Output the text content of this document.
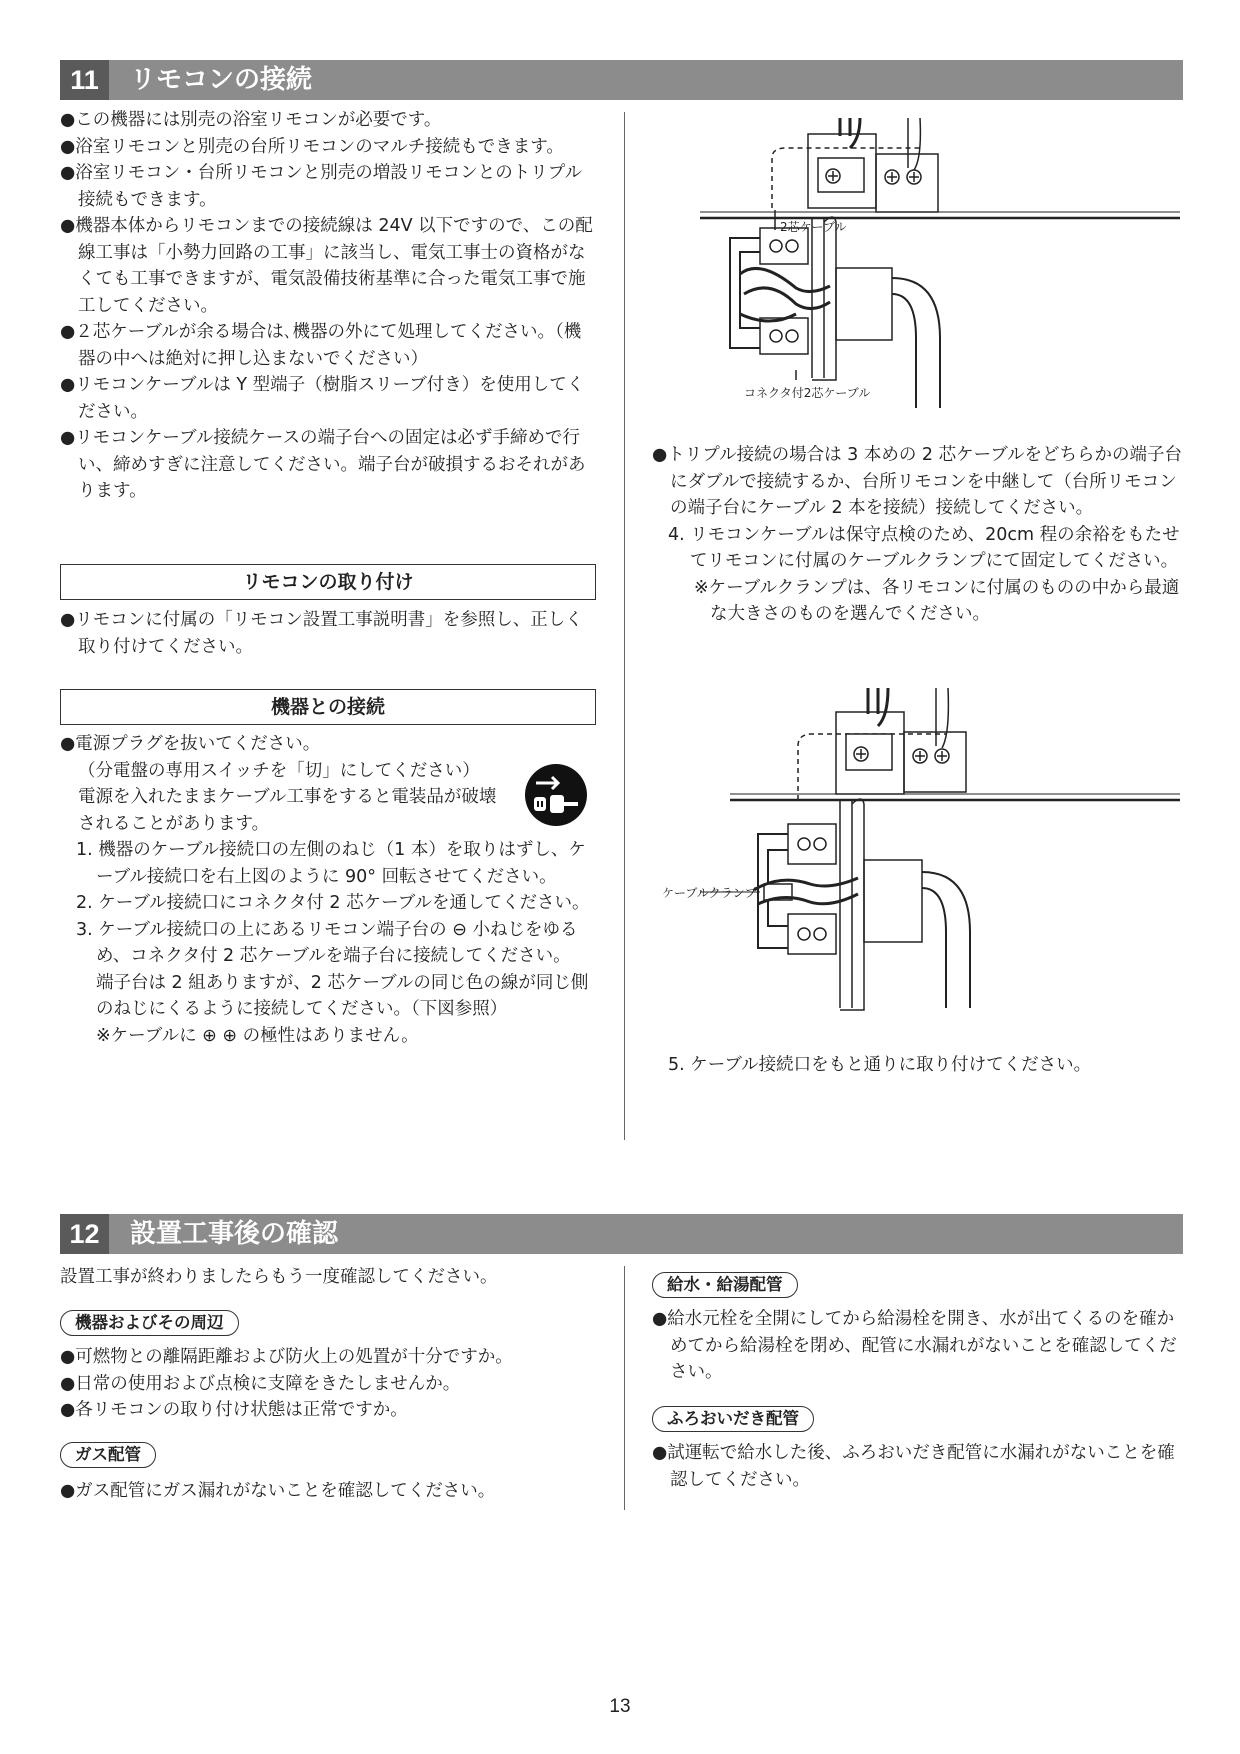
11	リモコンの接続

●この機器には別売の浴室リモコンが必要です。

●浴室リモコンと別売の台所リモコンのマルチ接続もできます。

●浴室リモコン・台所リモコンと別売の増設リモコンとのトリプル接続もできます。

●機器本体からリモコンまでの接続線は 24V 以下ですので、この配線工事は「小勢力回路の工事」に該当し、電気工事士の資格がなくても工事できますが、電気設備技術基準に合った電気工事で施工してください。

●２芯ケーブルが余る場合は､機器の外にて処理してください。（機器の中へは絶対に押し込まないでください）

●リモコンケーブルは Y 型端子（樹脂スリーブ付き）を使用してください。

●リモコンケーブル接続ケースの端子台への固定は必ず手締めで行い、締めすぎに注意してください。端子台が破損するおそれがあります。

リモコンの取り付け

●リモコンに付属の「リモコン設置工事説明書」を参照し、正しく取り付けてください。

機器との接続

●電源プラグを抜いてください。

（分電盤の専用スイッチを「切」にしてください）

電源を入れたままケーブル工事をすると電装品が破壊されることがあります。

1. 機器のケーブル接続口の左側のねじ（1 本）を取りはずし、ケーブル接続口を右上図のように 90° 回転させてください。

2. ケーブル接続口にコネクタ付 2 芯ケーブルを通してください。

3. ケーブル接続口の上にあるリモコン端子台の ⊖ 小ねじをゆるめ、コネクタ付 2 芯ケーブルを端子台に接続してください。

端子台は 2 組ありますが、2 芯ケーブルの同じ色の線が同じ側のねじにくるように接続してください。（下図参照）

※ケーブルに ⊕ ⊕ の極性はありません。

2芯ケーブル
コネクタ付2芯ケーブル

●トリプル接続の場合は 3 本めの 2 芯ケーブルをどちらかの端子台にダブルで接続するか、台所リモコンを中継して（台所リモコンの端子台にケーブル 2 本を接続）接続してください。

4. リモコンケーブルは保守点検のため、20cm 程の余裕をもたせてリモコンに付属のケーブルクランプにて固定してください。

※ケーブルクランプは、各リモコンに付属のものの中から最適な大きさのものを選んでください。

ケーブルクランプ

5. ケーブル接続口をもと通りに取り付けてください。

12	設置工事後の確認
設置工事が終わりましたらもう一度確認してください。
機器およびその周辺

●可燃物との離隔距離および防火上の処置が十分ですか。

●日常の使用および点検に支障をきたしませんか。

●各リモコンの取り付け状態は正常ですか。

ガス配管

●ガス配管にガス漏れがないことを確認してください。

給水・給湯配管

●給水元栓を全開にしてから給湯栓を開き、水が出てくるのを確かめてから給湯栓を閉め、配管に水漏れがないことを確認してください。

ふろおいだき配管

●試運転で給水した後、ふろおいだき配管に水漏れがないことを確認してください。

13
